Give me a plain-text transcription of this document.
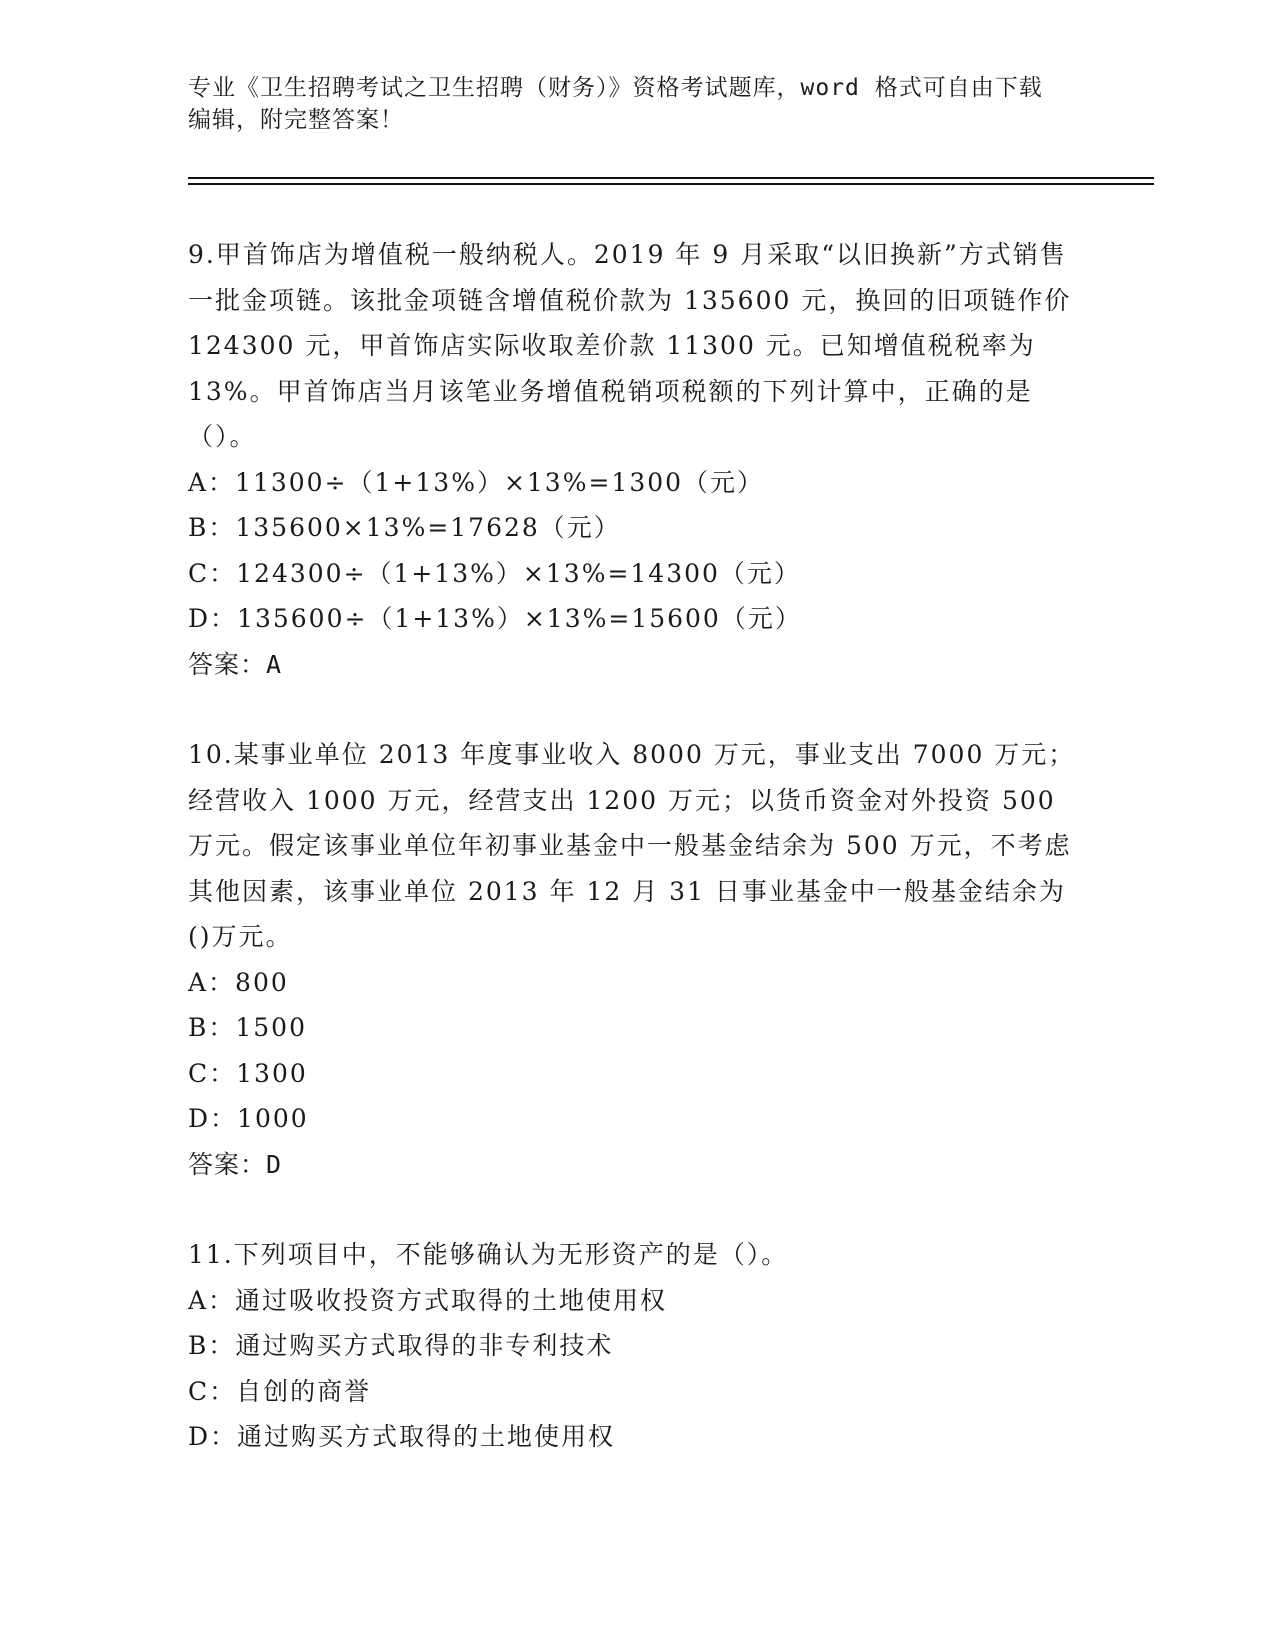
专业《卫生招聘考试之卫生招聘（财务）》资格考试题库，word 格式可自由下载
编辑，附完整答案！
9.甲首饰店为增值税一般纳税人。2019 年 9 月采取“以旧换新”方式销售一批金项链。该批金项链含增值税价款为 135600 元，换回的旧项链作价 124300 元，甲首饰店实际收取差价款 11300 元。已知增值税税率为 13%。甲首饰店当月该笔业务增值税销项税额的下列计算中，正确的是（）。
A：11300÷（1+13%）×13%=1300（元）
B：135600×13%=17628（元）
C：124300÷（1+13%）×13%=14300（元）
D：135600÷（1+13%）×13%=15600（元）
答案：A
10.某事业单位 2013 年度事业收入 8000 万元，事业支出 7000 万元；经营收入 1000 万元，经营支出 1200 万元；以货币资金对外投资 500 万元。假定该事业单位年初事业基金中一般基金结余为 500 万元，不考虑其他因素，该事业单位 2013 年 12 月 31 日事业基金中一般基金结余为()万元。
A：800
B：1500
C：1300
D：1000
答案：D
11.下列项目中，不能够确认为无形资产的是（）。
A：通过吸收投资方式取得的土地使用权
B：通过购买方式取得的非专利技术
C：自创的商誉
D：通过购买方式取得的土地使用权
